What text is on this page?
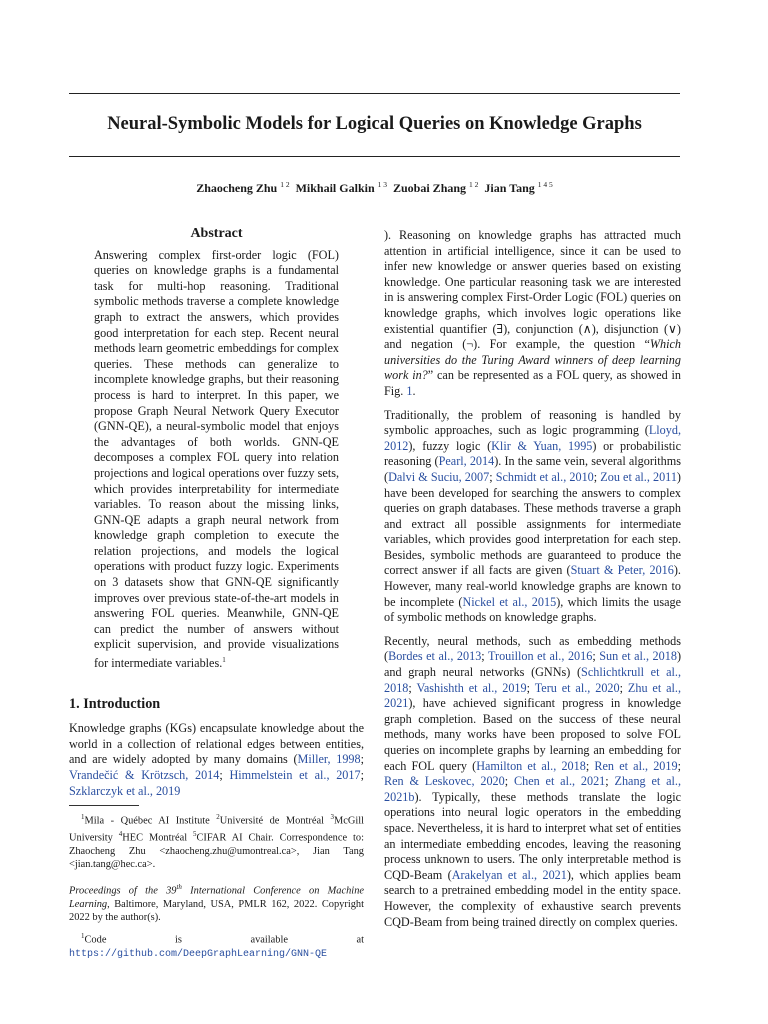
Neural-Symbolic Models for Logical Queries on Knowledge Graphs
Zhaocheng Zhu $^{1 2}$ Mikhail Galkin $^{1 3}$ Zuobai Zhang $^{1 2}$ Jian Tang $^{1 4 5}$
Abstract
Answering complex first-order logic (FOL) queries on knowledge graphs is a fundamental task for multi-hop reasoning. Traditional symbolic methods traverse a complete knowledge graph to extract the answers, which provides good interpretation for each step. Recent neural methods learn geometric embeddings for complex queries. These methods can generalize to incomplete knowledge graphs, but their reasoning process is hard to interpret. In this paper, we propose Graph Neural Network Query Executor (GNN-QE), a neural-symbolic model that enjoys the advantages of both worlds. GNN-QE decomposes a complex FOL query into relation projections and logical operations over fuzzy sets, which provides interpretability for intermediate variables. To reason about the missing links, GNN-QE adapts a graph neural network from knowledge graph completion to execute the relation projections, and models the logical operations with product fuzzy logic. Experiments on 3 datasets show that GNN-QE significantly improves over previous state-of-the-art models in answering FOL queries. Meanwhile, GNN-QE can predict the number of answers without explicit supervision, and provide visualizations for intermediate variables.$^1$
1. Introduction

Knowledge graphs (KGs) encapsulate knowledge about the world in a collection of relational edges between entities, and are widely adopted by many domains (Miller, 1998; Vrandečić & Krötzsch, 2014; Himmelstein et al., 2017; Szklarczyk et al., 2019

$^1$Mila - Québec AI Institute $^2$Université de Montréal $^3$McGill University $^4$HEC Montréal $^5$CIFAR AI Chair. Correspondence to: Zhaocheng Zhu <zhaocheng.zhu@umontreal.ca>, Jian Tang <jian.tang@hec.ca>.
Proceedings of the 39th International Conference on Machine Learning, Baltimore, Maryland, USA, PMLR 162, 2022. Copyright 2022 by the author(s).
$^1$Code is available at https://github.com/DeepGraphLearning/GNN-QE

). Reasoning on knowledge graphs has attracted much attention in artificial intelligence, since it can be used to infer new knowledge or answer queries based on existing knowledge. One particular reasoning task we are interested in is answering complex First-Order Logic (FOL) queries on knowledge graphs, which involves logic operations like existential quantifier (∃), conjunction (∧), disjunction (∨) and negation (¬). For example, the question “Which universities do the Turing Award winners of deep learning work in?” can be represented as a FOL query, as showed in Fig. 1.

Traditionally, the problem of reasoning is handled by symbolic approaches, such as logic programming (Lloyd, 2012), fuzzy logic (Klir & Yuan, 1995) or probabilistic reasoning (Pearl, 2014). In the same vein, several algorithms (Dalvi & Suciu, 2007; Schmidt et al., 2010; Zou et al., 2011) have been developed for searching the answers to complex queries on graph databases. These methods traverse a graph and extract all possible assignments for intermediate variables, which provides good interpretation for each step. Besides, symbolic methods are guaranteed to produce the correct answer if all facts are given (Stuart & Peter, 2016). However, many real-world knowledge graphs are known to be incomplete (Nickel et al., 2015), which limits the usage of symbolic methods on knowledge graphs.

Recently, neural methods, such as embedding methods (Bordes et al., 2013; Trouillon et al., 2016; Sun et al., 2018) and graph neural networks (GNNs) (Schlichtkrull et al., 2018; Vashishth et al., 2019; Teru et al., 2020; Zhu et al., 2021), have achieved significant progress in knowledge graph completion. Based on the success of these neural methods, many works have been proposed to solve FOL queries on incomplete graphs by learning an embedding for each FOL query (Hamilton et al., 2018; Ren et al., 2019; Ren & Leskovec, 2020; Chen et al., 2021; Zhang et al., 2021b). Typically, these methods translate the logic operations into neural logic operators in the embedding space. Nevertheless, it is hard to interpret what set of entities an intermediate embedding encodes, leaving the reasoning process unknown to users. The only interpretable method is CQD-Beam (Arakelyan et al., 2021), which applies beam search to a pretrained embedding model in the entity space. However, the complexity of exhaustive search prevents CQD-Beam from being trained directly on complex queries.
